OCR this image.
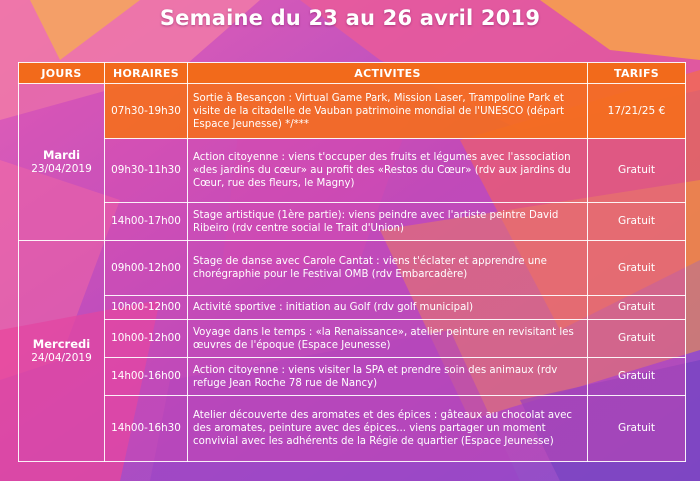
Semaine du 23 au 26 avril 2019
JOURS	HORAIRES	ACTIVITES	TARIFS

Mardi
23/04/2019	07h30-19h30	Sortie à Besançon : Virtual Game Park, Mission Laser, Trampoline Park et visite de la citadelle de Vauban patrimoine mondial de l'UNESCO (départ Espace Jeunesse) */***	17/21/25 €
	09h30-11h30	Action citoyenne : viens t'occuper des fruits et légumes avec l'association «des jardins du cœur» au profit des «Restos du Cœur» (rdv aux jardins du Cœur, rue des fleurs, le Magny)	Gratuit
	14h00-17h00	Stage artistique (1ère partie): viens peindre avec l'artiste peintre David Ribeiro (rdv centre social le Trait d'Union)	Gratuit

Mercredi
24/04/2019	09h00-12h00	Stage de danse avec Carole Cantat : viens t'éclater et apprendre une chorégraphie pour le Festival OMB (rdv Embarcadère)	Gratuit
	10h00-12h00	Activité sportive : initiation au Golf (rdv golf municipal)	Gratuit
	10h00-12h00	Voyage dans le temps : «la Renaissance», atelier peinture en revisitant les œuvres de l'époque (Espace Jeunesse)	Gratuit
	14h00-16h00	Action citoyenne : viens visiter la SPA et prendre soin des animaux (rdv refuge Jean Roche 78 rue de Nancy)	Gratuit
	14h00-16h30	Atelier découverte des aromates et des épices : gâteaux au chocolat avec des aromates, peinture avec des épices... viens partager un moment convivial avec les adhérents de la Régie de quartier (Espace Jeunesse)	Gratuit
